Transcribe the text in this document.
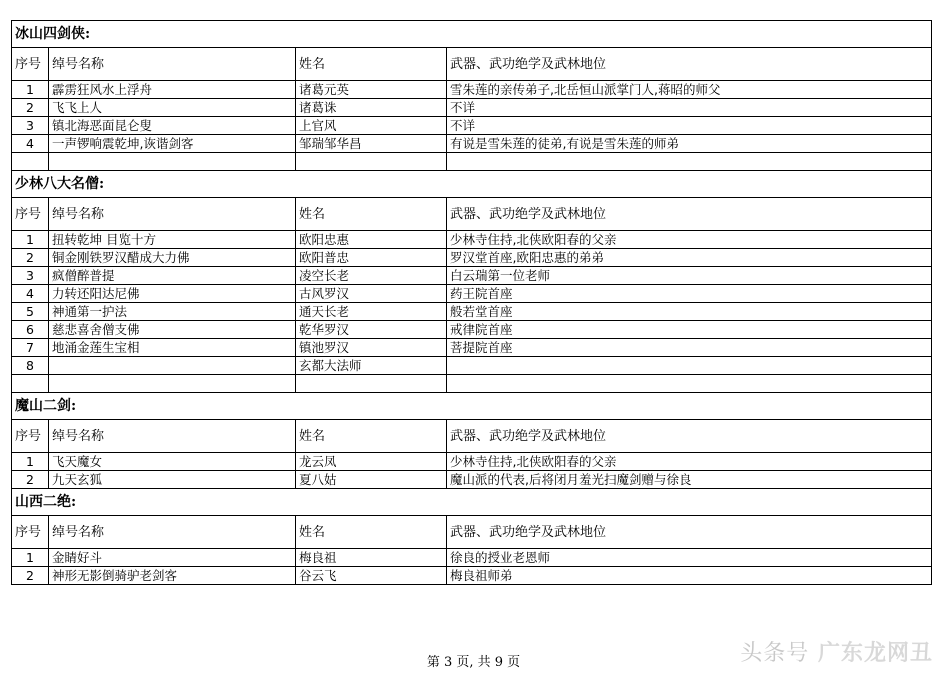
冰山四剑侠:			
序号	绰号名称	姓名	武器、武功绝学及武林地位
1	霹雳狂风水上浮舟	诸葛元英	雪朱莲的亲传弟子,北岳恒山派掌门人,蒋昭的师父
2	飞飞上人	诸葛诛	不详
3	镇北海恶面昆仑叟	上官风	不详
4	一声锣响震乾坤,诙谐剑客	邹瑞邹华昌	有说是雪朱莲的徒弟,有说是雪朱莲的师弟

少林八大名僧:			
序号	绰号名称	姓名	武器、武功绝学及武林地位
1	扭转乾坤 目览十方	欧阳忠惠	少林寺住持,北侠欧阳春的父亲
2	铜金刚铁罗汉醋成大力佛	欧阳普忠	罗汉堂首座,欧阳忠惠的弟弟
3	疯僧醉普提	凌空长老	白云瑞第一位老师
4	力转还阳达尼佛	古风罗汉	药王院首座
5	神通第一护法	通天长老	般若堂首座
6	慈悲喜舍僧支佛	乾华罗汉	戒律院首座
7	地涌金莲生宝相	镇池罗汉	菩提院首座
8		玄都大法师	

魔山二剑:			
序号	绰号名称	姓名	武器、武功绝学及武林地位
1	飞天魔女	龙云凤	少林寺住持,北侠欧阳春的父亲
2	九天玄狐	夏八姑	魔山派的代表,后将闭月羞光扫魔剑赠与徐良
山西二绝:			
序号	绰号名称	姓名	武器、武功绝学及武林地位
1	金睛好斗	梅良祖	徐良的授业老恩师
2	神形无影倒骑驴老剑客	谷云飞	梅良祖师弟
第 3 页, 共 9 页	头条号 广东龙网丑
